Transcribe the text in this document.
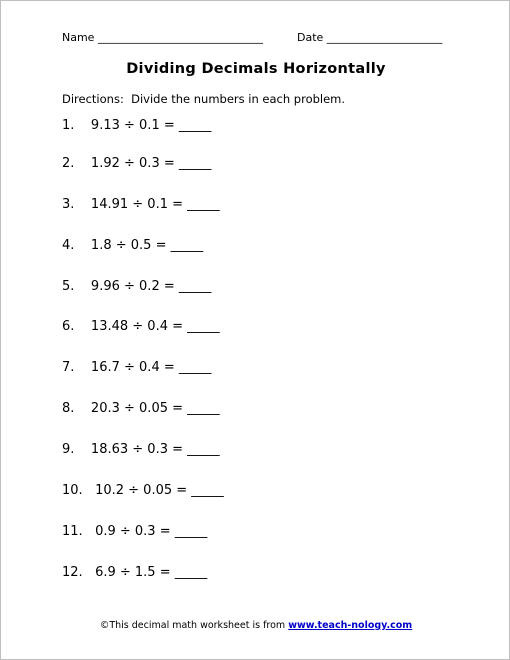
Name ______________________________	Date _____________________
Dividing Decimals Horizontally
Directions:  Divide the numbers in each problem.
1.    9.13 ÷ 0.1 = _____
2.    1.92 ÷ 0.3 = _____
3.    14.91 ÷ 0.1 = _____
4.    1.8 ÷ 0.5 = _____
5.    9.96 ÷ 0.2 = _____
6.    13.48 ÷ 0.4 = _____
7.    16.7 ÷ 0.4 = _____
8.    20.3 ÷ 0.05 = _____
9.    18.63 ÷ 0.3 = _____
10.   10.2 ÷ 0.05 = _____
11.   0.9 ÷ 0.3 = _____
12.   6.9 ÷ 1.5 = _____
©This decimal math worksheet is from www.teach-nology.com
